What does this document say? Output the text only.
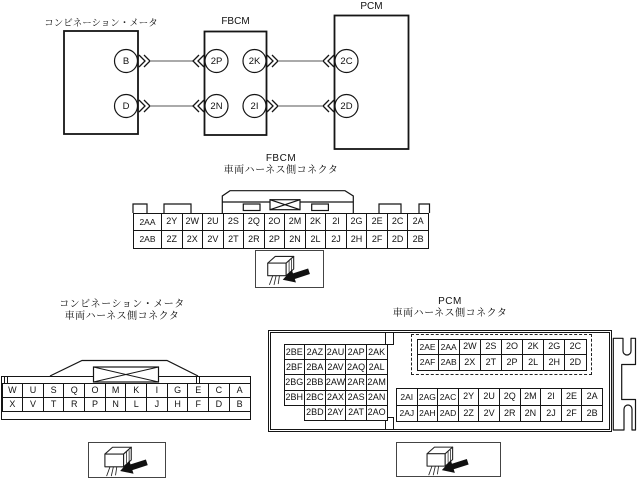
コンビネーション・メータ	FBCM
PCM
B
D
2P
2N
2K
2I
2C
2D
FBCM
車両ハーネス側コネクタ
2AA	2Y	2W	2U	2S	2Q	2O	2M	2K	2I	2G	2E	2C	2A
2AB	2Z	2X	2V	2T	2R	2P	2N	2L	2J	2H	2F	2D	2B
コンビネーション・メータ
車両ハーネス側コネクタ
W	U	S	Q	O	M	K	I	G	E	C	A
X	V	T	R	P	N	L	J	H	F	D	B
PCM
車両ハーネス側コネクタ
2BE	2AZ	2AU	2AP	2AK
2BF	2BA	2AV	2AQ	2AL
2BG	2BB	2AW	2AR	2AM
2BH	2BC	2AX	2AS	2AN
	2BD	2AY	2AT	2AO
2AE	2AA	2W	2S	2O	2K	2G	2C
2AF	2AB	2X	2T	2P	2L	2H	2D
2AI	2AG	2AC	2Y	2U	2Q	2M	2I	2E	2A
2AJ	2AH	2AD	2Z	2V	2R	2N	2J	2F	2B
